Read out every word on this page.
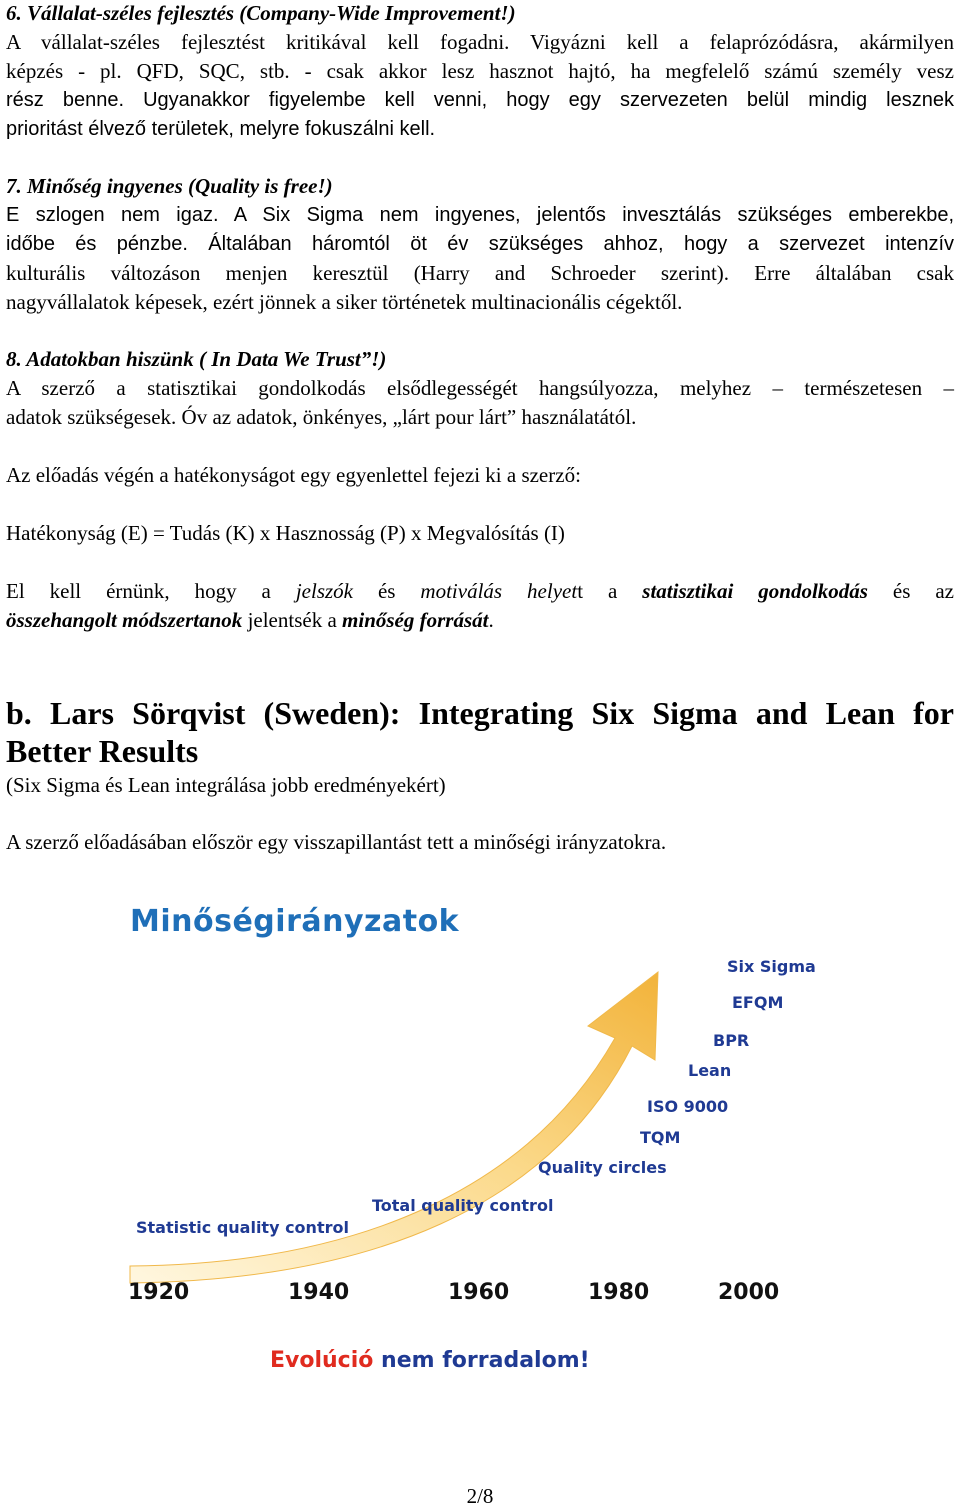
6. Vállalat-széles fejlesztés (Company-Wide Improvement!)
A vállalat-széles fejlesztést kritikával kell fogadni. Vigyázni kell a felaprózódásra, akármilyen
képzés - pl. QFD, SQC, stb. - csak akkor lesz hasznot hajtó, ha megfelelő számú személy vesz
rész benne. Ugyanakkor figyelembe kell venni, hogy egy szervezeten belül mindig lesznek
prioritást élvező területek, melyre fokuszálni kell.
7. Minőség ingyenes (Quality is free!)
E szlogen nem igaz. A Six Sigma nem ingyenes, jelentős invesztálás szükséges emberekbe,
időbe és pénzbe. Általában háromtól öt év szükséges ahhoz, hogy a szervezet intenzív
kulturális változáson menjen keresztül (Harry and Schroeder szerint). Erre általában csak
nagyvállalatok képesek, ezért jönnek a siker történetek multinacionális cégektől.
8. Adatokban hiszünk ( In Data We Trust”!)
A szerző a statisztikai gondolkodás elsődlegességét hangsúlyozza, melyhez – természetesen –
adatok szükségesek. Óv az adatok, önkényes, „lárt pour lárt” használatától.
Az előadás végén a hatékonyságot egy egyenlettel fejezi ki a szerző:
Hatékonyság (E) = Tudás (K) x Hasznosság (P) x Megvalósítás (I)
El kell érnünk, hogy a jelszók és motiválás helyett a statisztikai gondolkodás és az
összehangolt módszertanok jelentsék a minőség forrását.
b. Lars Sörqvist (Sweden): Integrating Six Sigma and Lean for
Better Results
(Six Sigma és Lean integrálása jobb eredményekért)
A szerző előadásában először egy visszapillantást tett a minőségi irányzatokra.
Minőségirányzatok
Statistic quality control
Total quality control
Quality circles
TQM
ISO 9000
Lean
BPR
EFQM
Six Sigma
1920	1940	1960	1980	2000
Evolúció nem forradalom!
2/8
